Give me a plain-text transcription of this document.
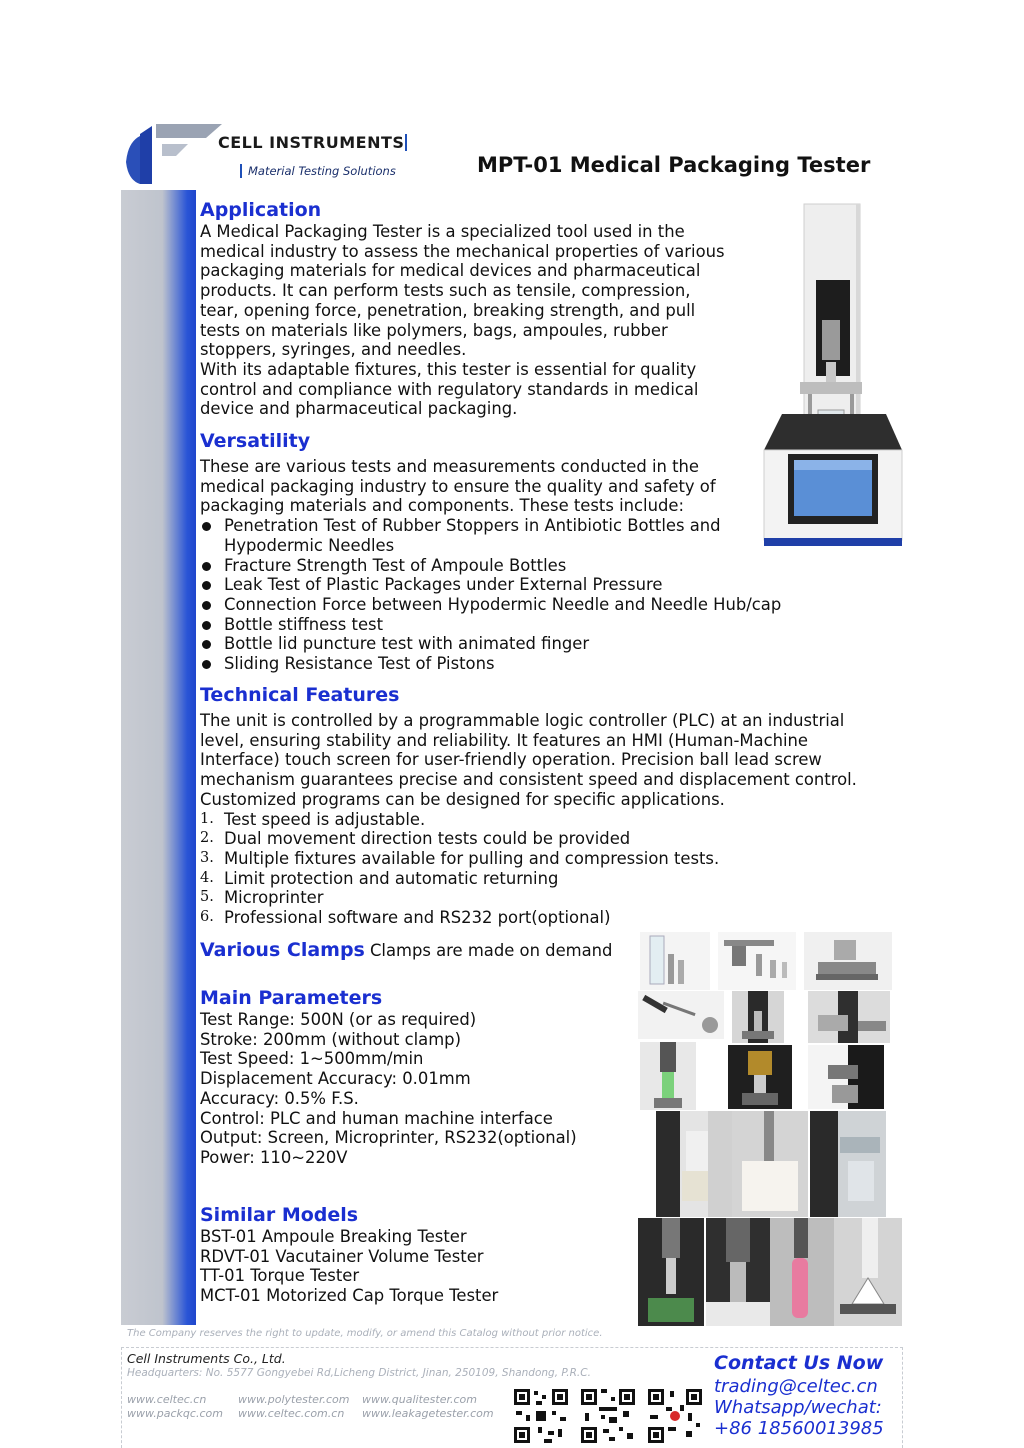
CELL INSTRUMENTS
Material Testing Solutions	MPT-01 Medical Packaging Tester
Application

A Medical Packaging Tester is a specialized tool used in the

medical industry to assess the mechanical properties of various

packaging materials for medical devices and pharmaceutical

products. It can perform tests such as tensile, compression,

tear, opening force, penetration, breaking strength, and pull

tests on materials like polymers, bags, ampoules, rubber

stoppers, syringes, and needles.

With its adaptable fixtures, this tester is essential for quality

control and compliance with regulatory standards in medical

device and pharmaceutical packaging.

Versatility

These are various tests and measurements conducted in the

medical packaging industry to ensure the quality and safety of

packaging materials and components. These tests include:

Penetration Test of Rubber Stoppers in Antibiotic Bottles and
Hypodermic Needles
Fracture Strength Test of Ampoule Bottles
Leak Test of Plastic Packages under External Pressure
Connection Force between Hypodermic Needle and Needle Hub/cap
Bottle stiffness test
Bottle lid puncture test with animated finger
Sliding Resistance Test of Pistons
Technical Features

The unit is controlled by a programmable logic controller (PLC) at an industrial

level, ensuring stability and reliability. It features an HMI (Human-Machine

Interface) touch screen for user-friendly operation. Precision ball lead screw

mechanism guarantees precise and consistent speed and displacement control.

Customized programs can be designed for specific applications.

1. Test speed is adjustable.
2. Dual movement direction tests could be provided
3. Multiple fixtures available for pulling and compression tests.
4. Limit protection and automatic returning
5. Microprinter
6. Professional software and RS232 port(optional)
Various Clamps Clamps are made on demand
Main Parameters

Test Range: 500N (or as required)

Stroke: 200mm (without clamp)

Test Speed: 1~500mm/min

Displacement Accuracy: 0.01mm

Accuracy: 0.5% F.S.

Control: PLC and human machine interface

Output: Screen, Microprinter, RS232(optional)

Power: 110~220V

Similar Models

BST-01 Ampoule Breaking Tester

RDVT-01 Vacutainer Volume Tester

TT-01 Torque Tester

MCT-01 Motorized Cap Torque Tester

The Company reserves the right to update, modify, or amend this Catalog without prior notice.
Cell Instruments Co., Ltd.
Headquarters: No. 5577 Gongyebei Rd,Licheng District, Jinan, 250109, Shandong, P.R.C.
www.celtec.cn
www.packqc.com
www.polytester.com
www.celtec.com.cn
www.qualitester.com
www.leakagetester.com
Contact Us Now
trading@celtec.cn
Whatsapp/wechat:
+86 18560013985
